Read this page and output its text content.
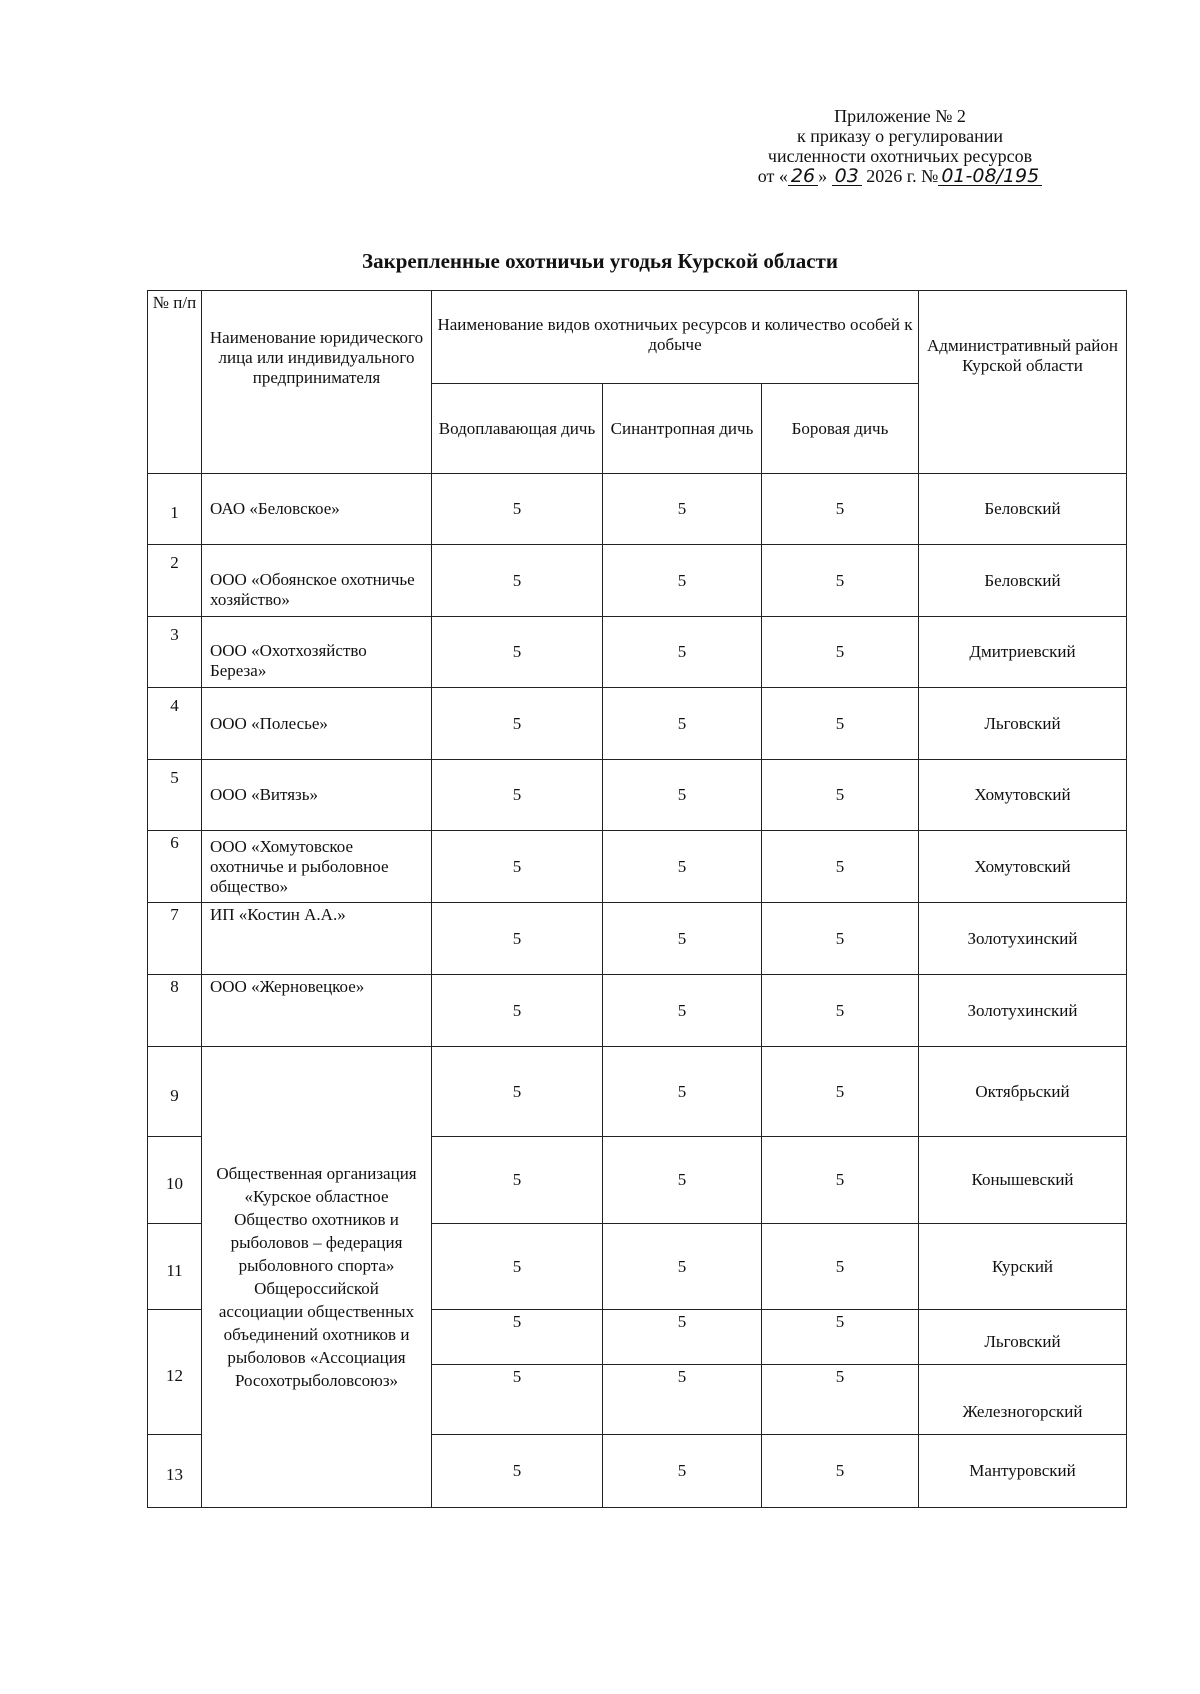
Приложение № 2
к приказу о регулировании
численности охотничьих ресурсов
от « 26 » 03 2026 г. № 01-08/195
Закрепленные охотничьи угодья Курской области
№ п/п	Наименование юридического лица или индивидуального предпринимателя	Наименование видов охотничьих ресурсов и количество особей к добыче			Административный район Курской области
		Водоплавающая дичь	Синантропная дичь	Боровая дичь	
1	ОАО «Беловское»	5	5	5	Беловский
2	ООО «Обоянское охотничье хозяйство»	5	5	5	Беловский
3	ООО «Охотхозяйство Береза»	5	5	5	Дмитриевский
4	ООО «Полесье»	5	5	5	Льговский
5	ООО «Витязь»	5	5	5	Хомутовский
6	ООО «Хомутовское охотничье и рыболовное общество»	5	5	5	Хомутовский
7	ИП «Костин А.А.»	5	5	5	Золотухинский
8	ООО «Жерновецкое»	5	5	5	Золотухинский
9	Общественная организация «Курское областное Общество охотников и рыболовов – федерация рыболовного спорта» Общероссийской ассоциации общественных объединений охотников и рыболовов «Ассоциация Росохотрыболовсоюз»	5	5	5	Октябрьский
10		5	5	5	Конышевский
11		5	5	5	Курский
12		5	5	5	Льговский
		5	5	5	Железногорский
13		5	5	5	Мантуровский
